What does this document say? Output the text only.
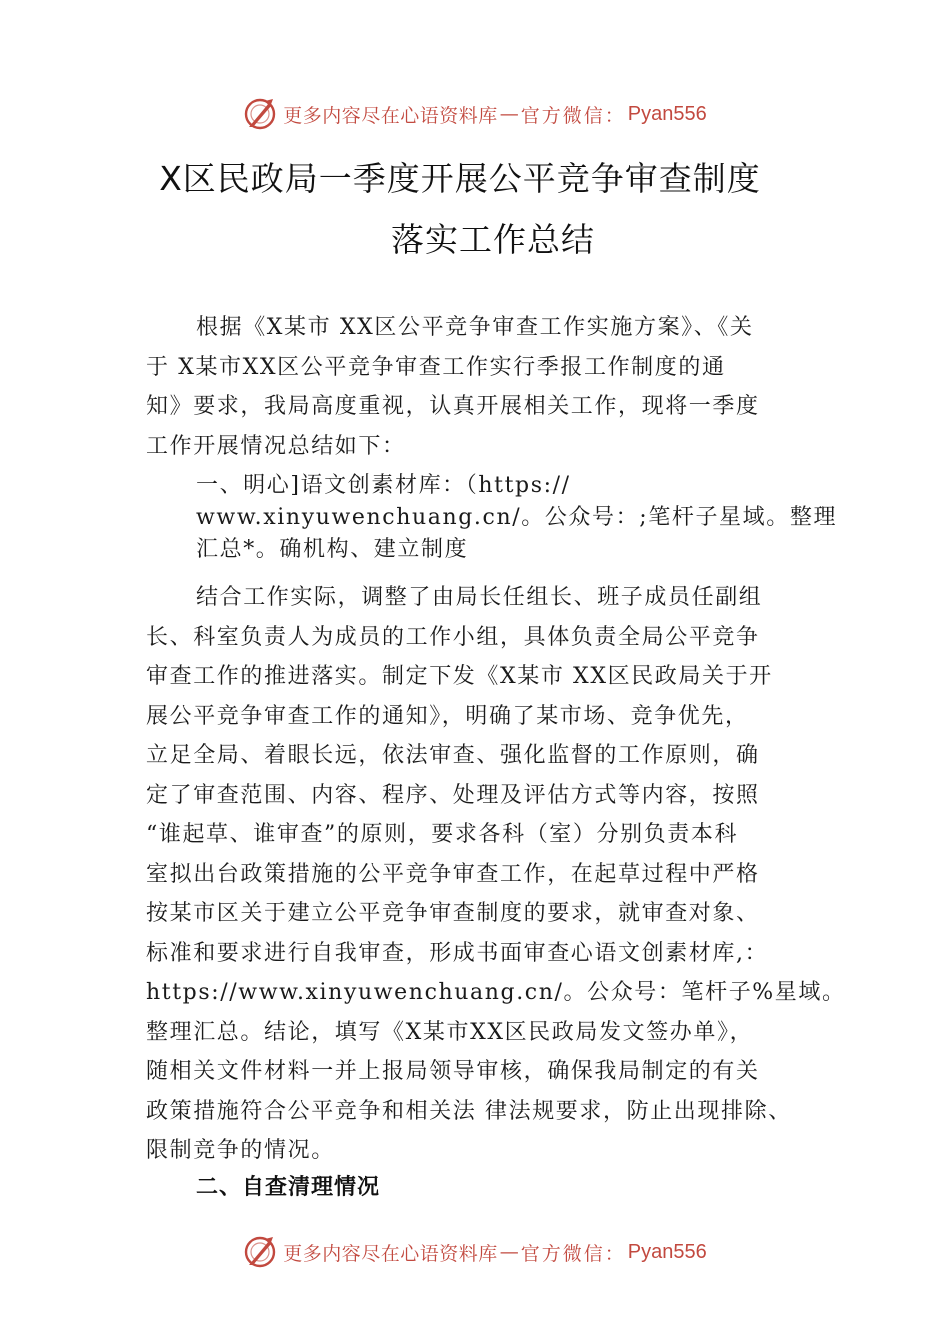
更多内容尽在心语资料库 — 官方微信： Pyan556
X区民政局一季度开展公平竞争审查制度
落实工作总结
根据《X某市 XX区公平竞争审查工作实施方案》、《关
于 X某市XX区公平竞争审查工作实行季报工作制度的通
知》要求，我局高度重视，认真开展相关工作，现将一季度
工作开展情况总结如下：
一、明心]语文创素材库：（https://
www.xinyuwenchuang.cn/。公众号：;笔杆子星域。整理
汇总*。确机构、建立制度
结合工作实际，调整了由局长任组长、班子成员任副组
长、科室负责人为成员的工作小组，具体负责全局公平竞争
审查工作的推进落实。制定下发《X某市 XX区民政局关于开
展公平竞争审查工作的通知》，明确了某市场、竞争优先，
立足全局、着眼长远，依法审查、强化监督的工作原则，确
定了审查范围、内容、程序、处理及评估方式等内容，按照
“谁起草、谁审查”的原则，要求各科（室）分别负责本科
室拟出台政策措施的公平竞争审查工作，在起草过程中严格
按某市区关于建立公平竞争审查制度的要求，就审查对象、
标准和要求进行自我审查，形成书面审查心语文创素材库,：
https://www.xinyuwenchuang.cn/。公众号：笔杆子%星域。
整理汇总。结论，填写《X某市XX区民政局发文签办单》，
随相关文件材料一并上报局领导审核，确保我局制定的有关
政策措施符合公平竞争和相关法 律法规要求，防止出现排除、
限制竞争的情况。
二、自查清理情况
更多内容尽在心语资料库 — 官方微信： Pyan556
